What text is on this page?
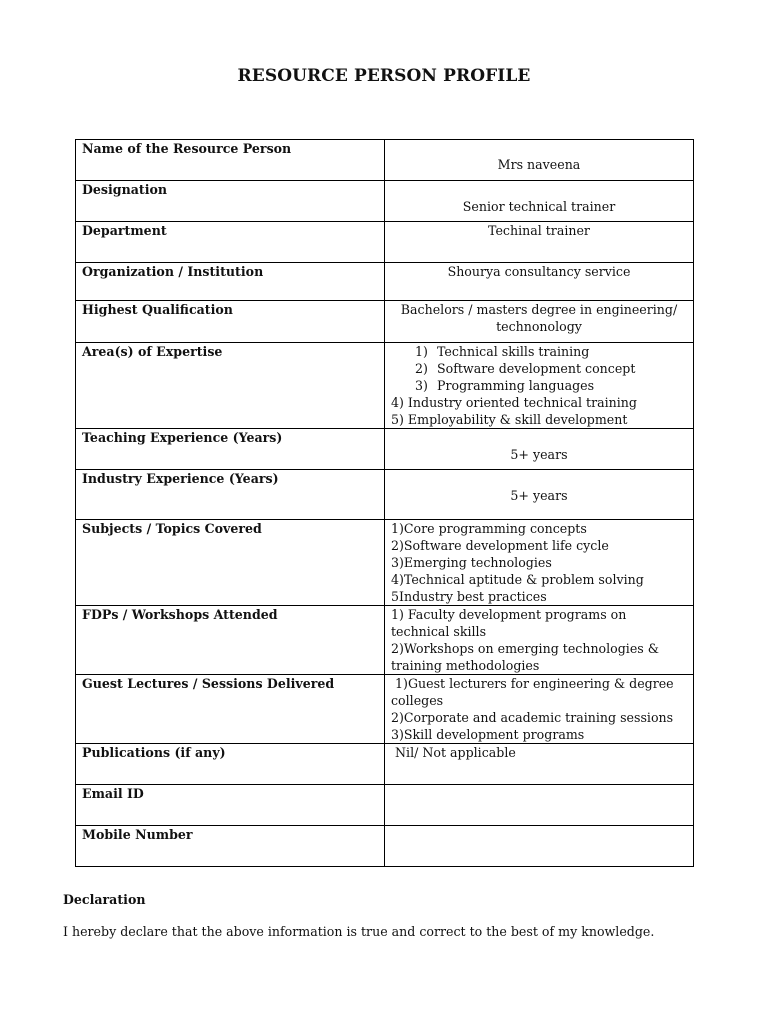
RESOURCE PERSON PROFILE
Name of the Resource Person	Mrs naveena

Designation	Senior technical trainer

Department	Techinal trainer
Organization / Institution	Shourya consultancy service
Highest Qualification	Bachelors / masters degree in engineering/
technonology

Area(s) of Expertise	1) Technical skills training
2) Software development concept
3) Programming languages
4) Industry oriented technical training
5) Employability & skill development

Teaching Experience (Years)	5+ years

Industry Experience (Years)	5+ years

Subjects / Topics Covered	1)Core programming concepts
2)Software development life cycle
3)Emerging technologies
4)Technical aptitude & problem solving
5Industry best practices

FDPs / Workshops Attended	1) Faculty development programs on technical skills
2)Workshops on emerging technologies & training methodologies

Guest Lectures / Sessions Delivered	1)Guest lecturers for engineering & degree colleges
2)Corporate and academic training sessions
3)Skill development programs

Publications (if any)	Nil/ Not applicable
Email ID	
Mobile Number	
Declaration
I hereby declare that the above information is true and correct to the best of my knowledge.
